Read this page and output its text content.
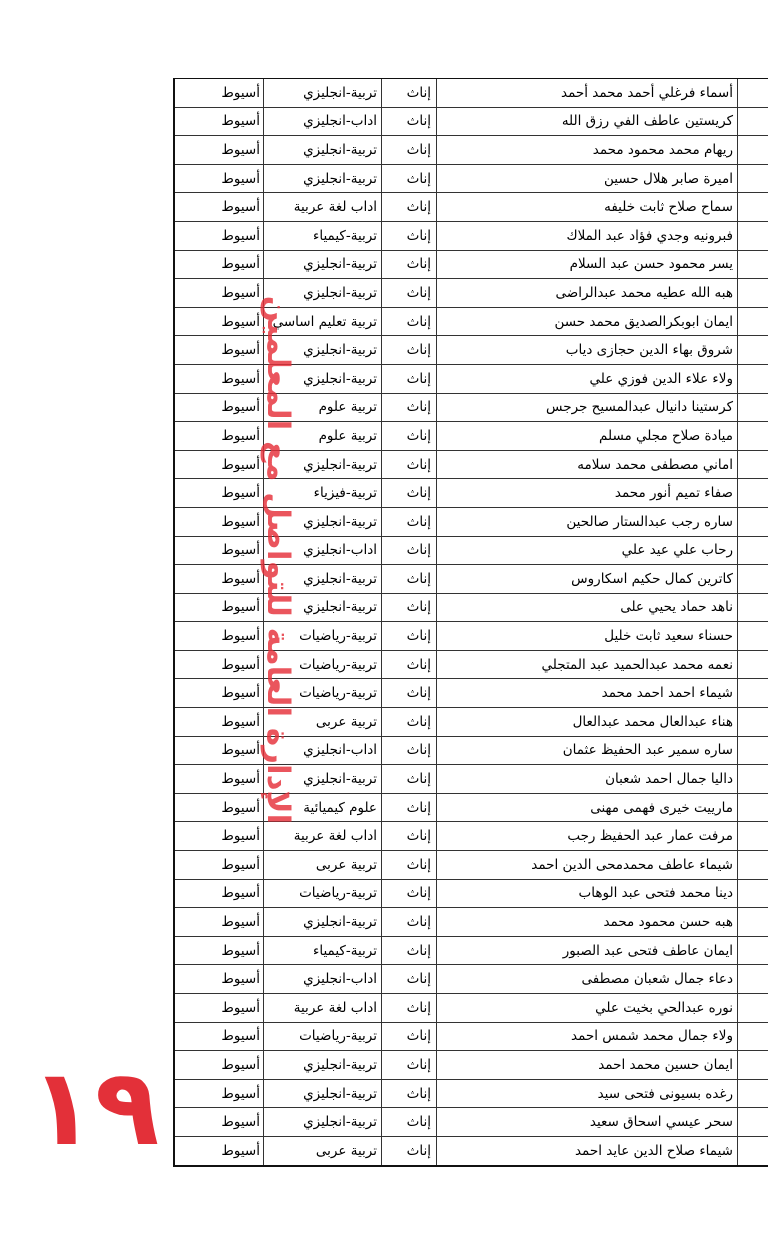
أسماء فرغلي أحمد محمد أحمد
إناث
تربية-انجليزي
أسيوط
كريستين عاطف الفي رزق الله
إناث
اداب-انجليزي
أسيوط
ريهام محمد محمود محمد
إناث
تربية-انجليزي
أسيوط
اميرة صابر هلال حسين
إناث
تربية-انجليزي
أسيوط
سماح صلاح ثابت خليفه
إناث
اداب لغة عربية
أسيوط
فبرونيه وجدي فؤاد عبد الملاك
إناث
تربية-كيمياء
أسيوط
يسر محمود حسن عبد السلام
إناث
تربية-انجليزي
أسيوط
هبه الله عطيه محمد عبدالراضى
إناث
تربية-انجليزي
أسيوط
ايمان ابوبكرالصديق محمد حسن
إناث
تربية تعليم اساسي
أسيوط
شروق بهاء الدين حجازى دياب
إناث
تربية-انجليزي
أسيوط
ولاء علاء الدين فوزي علي
إناث
تربية-انجليزي
أسيوط
كرستينا دانيال عبدالمسيح جرجس
إناث
تربية علوم
أسيوط
ميادة صلاح مجلي مسلم
إناث
تربية علوم
أسيوط
اماني مصطفى محمد سلامه
إناث
تربية-انجليزي
أسيوط
صفاء تميم أنور محمد
إناث
تربية-فيزياء
أسيوط
ساره رجب عبدالستار صالحين
إناث
تربية-انجليزي
أسيوط
رحاب علي عيد علي
إناث
اداب-انجليزي
أسيوط
كاترين كمال حكيم اسكاروس
إناث
تربية-انجليزي
أسيوط
ناهد حماد يحيي على
إناث
تربية-انجليزي
أسيوط
حسناء سعيد ثابت خليل
إناث
تربية-رياضيات
أسيوط
نعمه محمد عبدالحميد عبد المتجلي
إناث
تربية-رياضيات
أسيوط
شيماء احمد احمد محمد
إناث
تربية-رياضيات
أسيوط
هناء عبدالعال محمد عبدالعال
إناث
تربية عربى
أسيوط
ساره سمير عبد الحفيظ عثمان
إناث
اداب-انجليزي
أسيوط
داليا جمال احمد شعبان
إناث
تربية-انجليزي
أسيوط
مارييت خيرى فهمى مهنى
إناث
علوم كيميائية
أسيوط
مرفت عمار عبد الحفيظ رجب
إناث
اداب لغة عربية
أسيوط
شيماء عاطف محمدمحى الدين احمد
إناث
تربية عربى
أسيوط
دينا محمد فتحى عبد الوهاب
إناث
تربية-رياضيات
أسيوط
هبه حسن محمود محمد
إناث
تربية-انجليزي
أسيوط
ايمان عاطف فتحى عبد الصبور
إناث
تربية-كيمياء
أسيوط
دعاء جمال شعبان مصطفى
إناث
اداب-انجليزي
أسيوط
نوره عبدالحي بخيت علي
إناث
اداب لغة عربية
أسيوط
ولاء جمال محمد شمس احمد
إناث
تربية-رياضيات
أسيوط
ايمان حسين محمد احمد
إناث
تربية-انجليزي
أسيوط
رغده بسيونى فتحى سيد
إناث
تربية-انجليزي
أسيوط
سحر عيسي اسحاق سعيد
إناث
تربية-انجليزي
أسيوط
شيماء صلاح الدين عايد احمد
إناث
تربية عربى
أسيوط
الإدارة العامة للتواصل مع المعلمين
١٩
